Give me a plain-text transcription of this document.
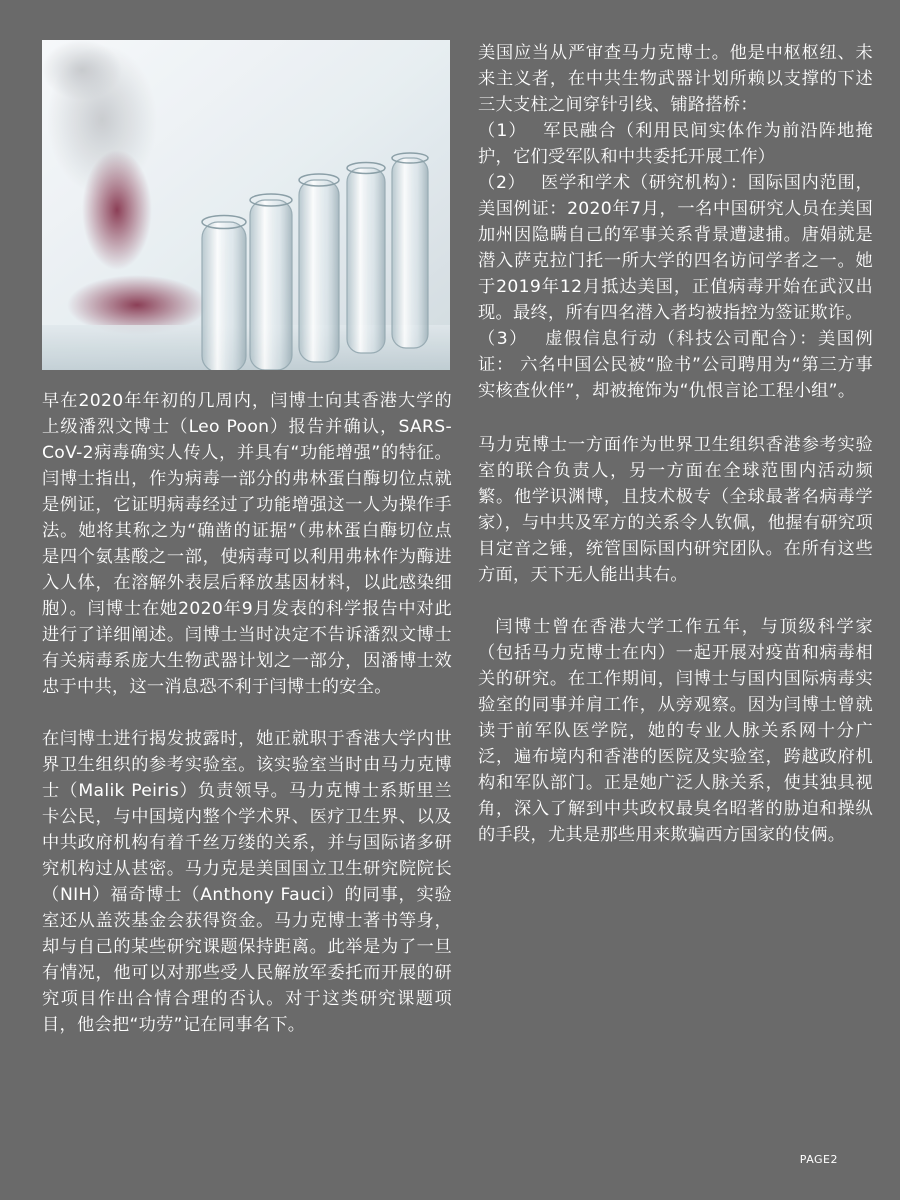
早在2020年年初的几周内，闫博士向其香港大学的上级潘烈文博士（Leo Poon）报告并确认，SARS-CoV-2病毒确实人传人，并具有“功能增强”的特征。闫博士指出，作为病毒一部分的弗林蛋白酶切位点就是例证，它证明病毒经过了功能增强这一人为操作手法。她将其称之为“确凿的证据”（弗林蛋白酶切位点是四个氨基酸之一部，使病毒可以利用弗林作为酶进入人体，在溶解外表层后释放基因材料，以此感染细胞）。闫博士在她2020年9月发表的科学报告中对此进行了详细阐述。闫博士当时决定不告诉潘烈文博士有关病毒系庞大生物武器计划之一部分，因潘博士效忠于中共，这一消息恐不利于闫博士的安全。

在闫博士进行揭发披露时，她正就职于香港大学内世界卫生组织的参考实验室。该实验室当时由马力克博士（Malik Peiris）负责领导。马力克博士系斯里兰卡公民，与中国境内整个学术界、医疗卫生界、以及中共政府机构有着千丝万缕的关系，并与国际诸多研究机构过从甚密。马力克是美国国立卫生研究院院长（NIH）福奇博士（Anthony Fauci）的同事，实验室还从盖茨基金会获得资金。马力克博士著书等身，却与自己的某些研究课题保持距离。此举是为了一旦有情况，他可以对那些受人民解放军委托而开展的研究项目作出合情合理的否认。对于这类研究课题项目，他会把“功劳”记在同事名下。

美国应当从严审查马力克博士。他是中枢枢纽、未来主义者，在中共生物武器计划所赖以支撑的下述三大支柱之间穿针引线、铺路搭桥：

（1）　 军民融合（利用民间实体作为前沿阵地掩护，它们受军队和中共委托开展工作）

（2）　 医学和学术（研究机构）：国际国内范围，美国例证：2020年7月，一名中国研究人员在美国加州因隐瞒自己的军事关系背景遭逮捕。唐娟就是潜入萨克拉门托一所大学的四名访问学者之一。她于2019年12月抵达美国，正值病毒开始在武汉出现。最终，所有四名潜入者均被指控为签证欺诈。

（3）　 虚假信息行动（科技公司配合）：美国例证： 六名中国公民被“脸书”公司聘用为“第三方事实核查伙伴”，却被掩饰为“仇恨言论工程小组”。

马力克博士一方面作为世界卫生组织香港参考实验室的联合负责人，另一方面在全球范围内活动频繁。他学识渊博，且技术极专（全球最著名病毒学家），与中共及军方的关系令人钦佩，他握有研究项目定音之锤，统管国际国内研究团队。在所有这些方面，天下无人能出其右。

闫博士曾在香港大学工作五年，与顶级科学家（包括马力克博士在内）一起开展对疫苗和病毒相关的研究。在工作期间，闫博士与国内国际病毒实验室的同事并肩工作，从旁观察。因为闫博士曾就读于前军队医学院，她的专业人脉关系网十分广泛，遍布境内和香港的医院及实验室，跨越政府机构和军队部门。正是她广泛人脉关系，使其独具视角，深入了解到中共政权最臭名昭著的胁迫和操纵的手段，尤其是那些用来欺骗西方国家的伎俩。

PAGE2
